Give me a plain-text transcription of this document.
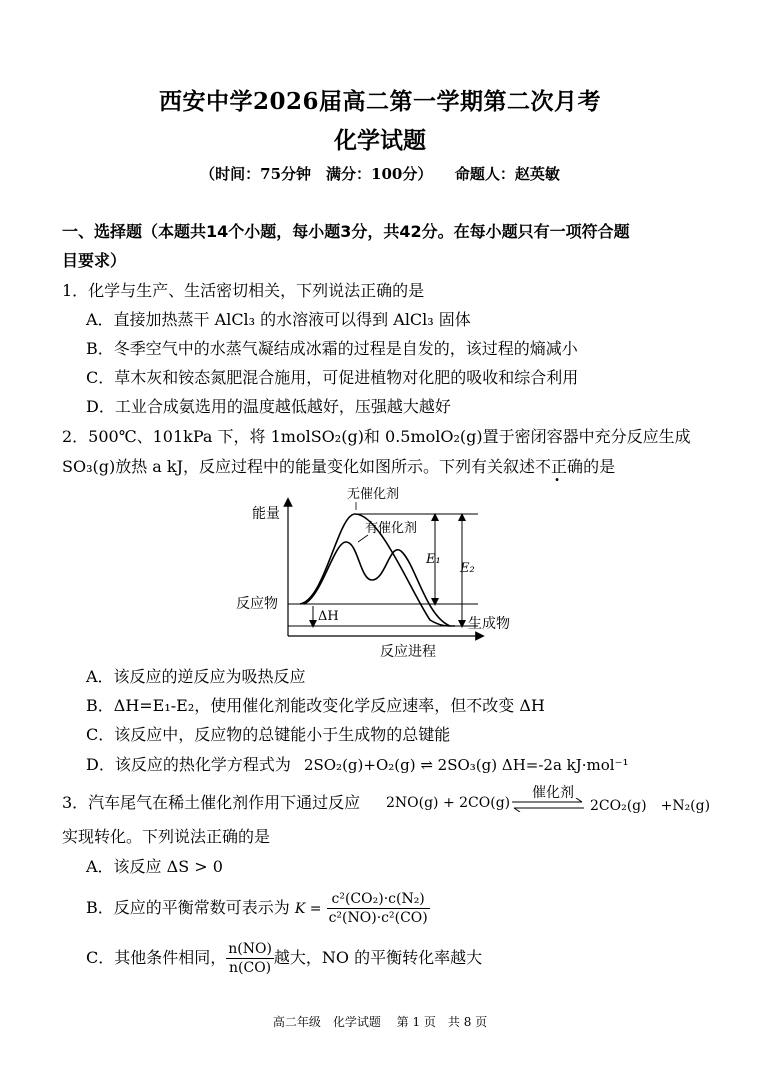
西安中学2026届高二第一学期第二次月考
化学试题
（时间：75分钟　满分：100分）　　命题人：赵英敏
一、选择题（本题共14个小题，每小题3分，共42分。在每小题只有一项符合题
目要求）
1．化学与生产、生活密切相关，下列说法正确的是
A．直接加热蒸干 AlCl₃ 的水溶液可以得到 AlCl₃ 固体
B．冬季空气中的水蒸气凝结成冰霜的过程是自发的，该过程的熵减小
C．草木灰和铵态氮肥混合施用，可促进植物对化肥的吸收和综合利用
D．工业合成氨选用的温度越低越好，压强越大越好
2．500℃、101kPa 下，将 1molSO₂(g)和 0.5molO₂(g)置于密闭容器中充分反应生成
SO₃(g)放热 a kJ，反应过程中的能量变化如图所示。下列有关叙述不正确的是
能量
反应进程
反应物
生成物
无催化剂
有催化剂
E₁
E₂
ΔH
A．该反应的逆反应为吸热反应
B．ΔH=E₁-E₂，使用催化剂能改变化学反应速率，但不改变 ΔH
C．该反应中，反应物的总键能小于生成物的总键能
D．该反应的热化学方程式为 2SO₂(g)+O₂(g) ⇌ 2SO₃(g) ΔH=-2a kJ·mol⁻¹
3．汽车尾气在稀土催化剂作用下通过反应 2NO(g) + 2CO(g)
催化剂
2CO₂(g)　+N₂(g)
实现转化。下列说法正确的是
A．该反应 ΔS > 0
B．反应的平衡常数可表示为 $K = \frac{\text{c²(CO₂)·c(N₂)}}{\text{c²(NO)·c²(CO)}}$
C．其他条件相同， $\frac{n(NO)}{n(CO)}$ 越大，NO 的平衡转化率越大
高二年级　化学试题　 第 1 页　共 8 页
